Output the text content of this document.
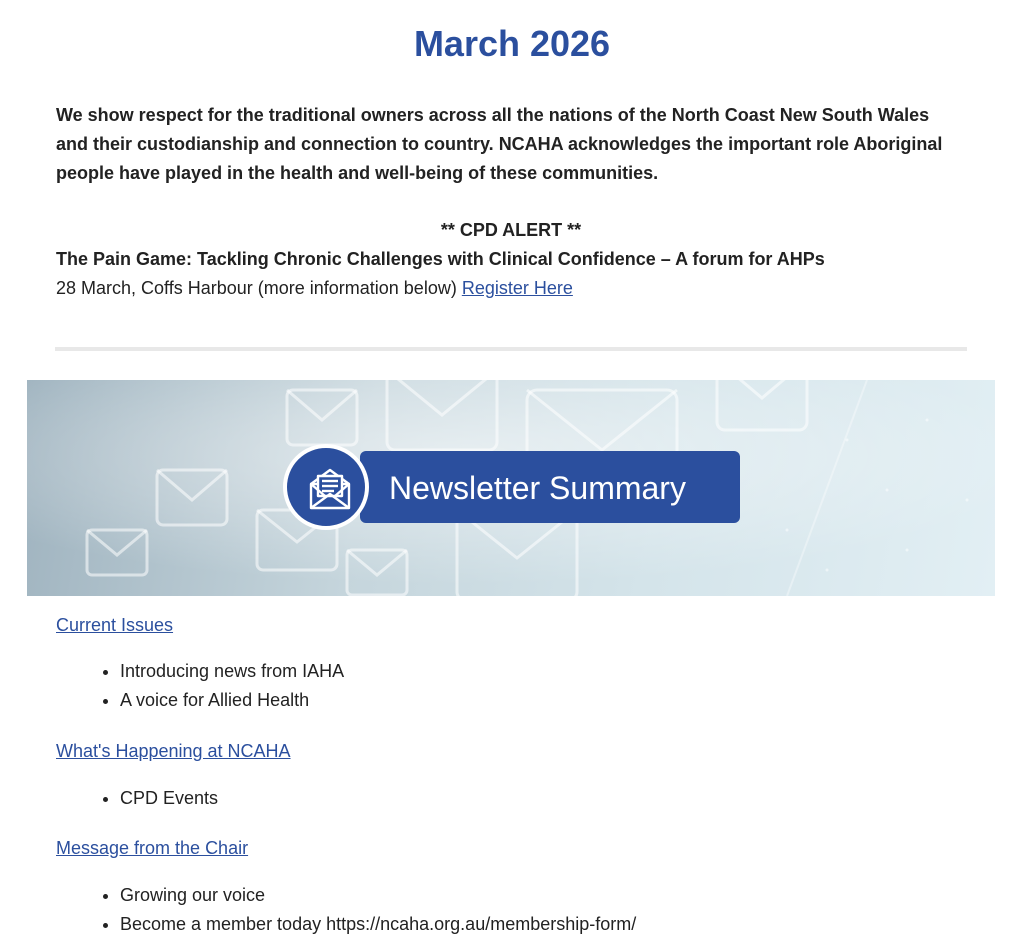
March 2026
We show respect for the traditional owners across all the nations of the North Coast New South Wales and their custodianship and connection to country. NCAHA acknowledges the important role Aboriginal people have played in the health and well-being of these communities.
** CPD ALERT **
The Pain Game: Tackling Chronic Challenges with Clinical Confidence – A forum for AHPs
28 March, Coffs Harbour (more information below) Register Here
Newsletter Summary
Current Issues
• Introducing news from IAHA
• A voice for Allied Health
What's Happening at NCAHA
• CPD Events
Message from the Chair
• Growing our voice
• Become a member today https://ncaha.org.au/membership-form/
